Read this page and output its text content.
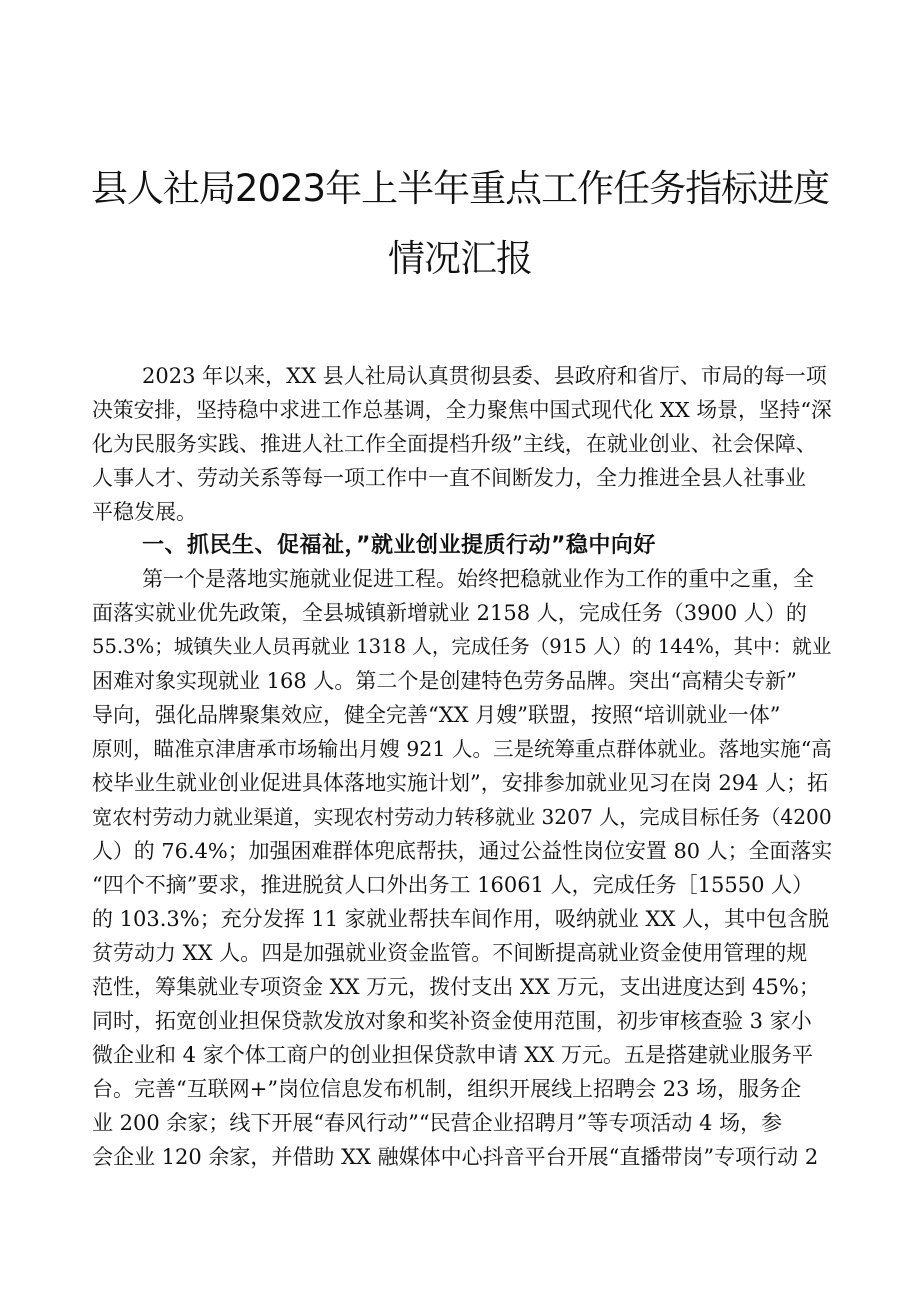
县人社局2023年上半年重点工作任务指标进度
情况汇报

2023 年以来，XX 县人社局认真贯彻县委、县政府和省厅、市局的每一项

决策安排，坚持稳中求进工作总基调，全力聚焦中国式现代化 XX 场景，坚持“深

化为民服务实践、推进人社工作全面提档升级”主线，在就业创业、社会保障、

人事人才、劳动关系等每一项工作中一直不间断发力，全力推进全县人社事业

平稳发展。

一、抓民生、促福祉，”就业创业提质行动”稳中向好

第一个是落地实施就业促进工程。始终把稳就业作为工作的重中之重，全

面落实就业优先政策，全县城镇新增就业 2158 人，完成任务（3900 人）的

55.3%；城镇失业人员再就业 1318 人，完成任务（915 人）的 144%，其中：就业

困难对象实现就业 168 人。第二个是创建特色劳务品牌。突出“高精尖专新”

导向，强化品牌聚集效应，健全完善“XX 月嫂”联盟，按照“培训就业一体”

原则，瞄准京津唐承市场输出月嫂 921 人。三是统筹重点群体就业。落地实施“高

校毕业生就业创业促进具体落地实施计划”，安排参加就业见习在岗 294 人；拓

宽农村劳动力就业渠道，实现农村劳动力转移就业 3207 人，完成目标任务（4200

人）的 76.4%；加强困难群体兜底帮扶，通过公益性岗位安置 80 人；全面落实

“四个不摘”要求，推进脱贫人口外出务工 16061 人，完成任务［15550 人）

的 103.3%；充分发挥 11 家就业帮扶车间作用，吸纳就业 XX 人，其中包含脱

贫劳动力 XX 人。四是加强就业资金监管。不间断提高就业资金使用管理的规

范性，筹集就业专项资金 XX 万元，拨付支出 XX 万元，支出进度达到 45%；

同时，拓宽创业担保贷款发放对象和奖补资金使用范围，初步审核查验 3 家小

微企业和 4 家个体工商户的创业担保贷款申请 XX 万元。五是搭建就业服务平

台。完善“互联网+”岗位信息发布机制，组织开展线上招聘会 23 场，服务企

业 200 余家；线下开展“春风行动”“民营企业招聘月”等专项活动 4 场，参

会企业 120 余家，并借助 XX 融媒体中心抖音平台开展“直播带岗”专项行动 2
